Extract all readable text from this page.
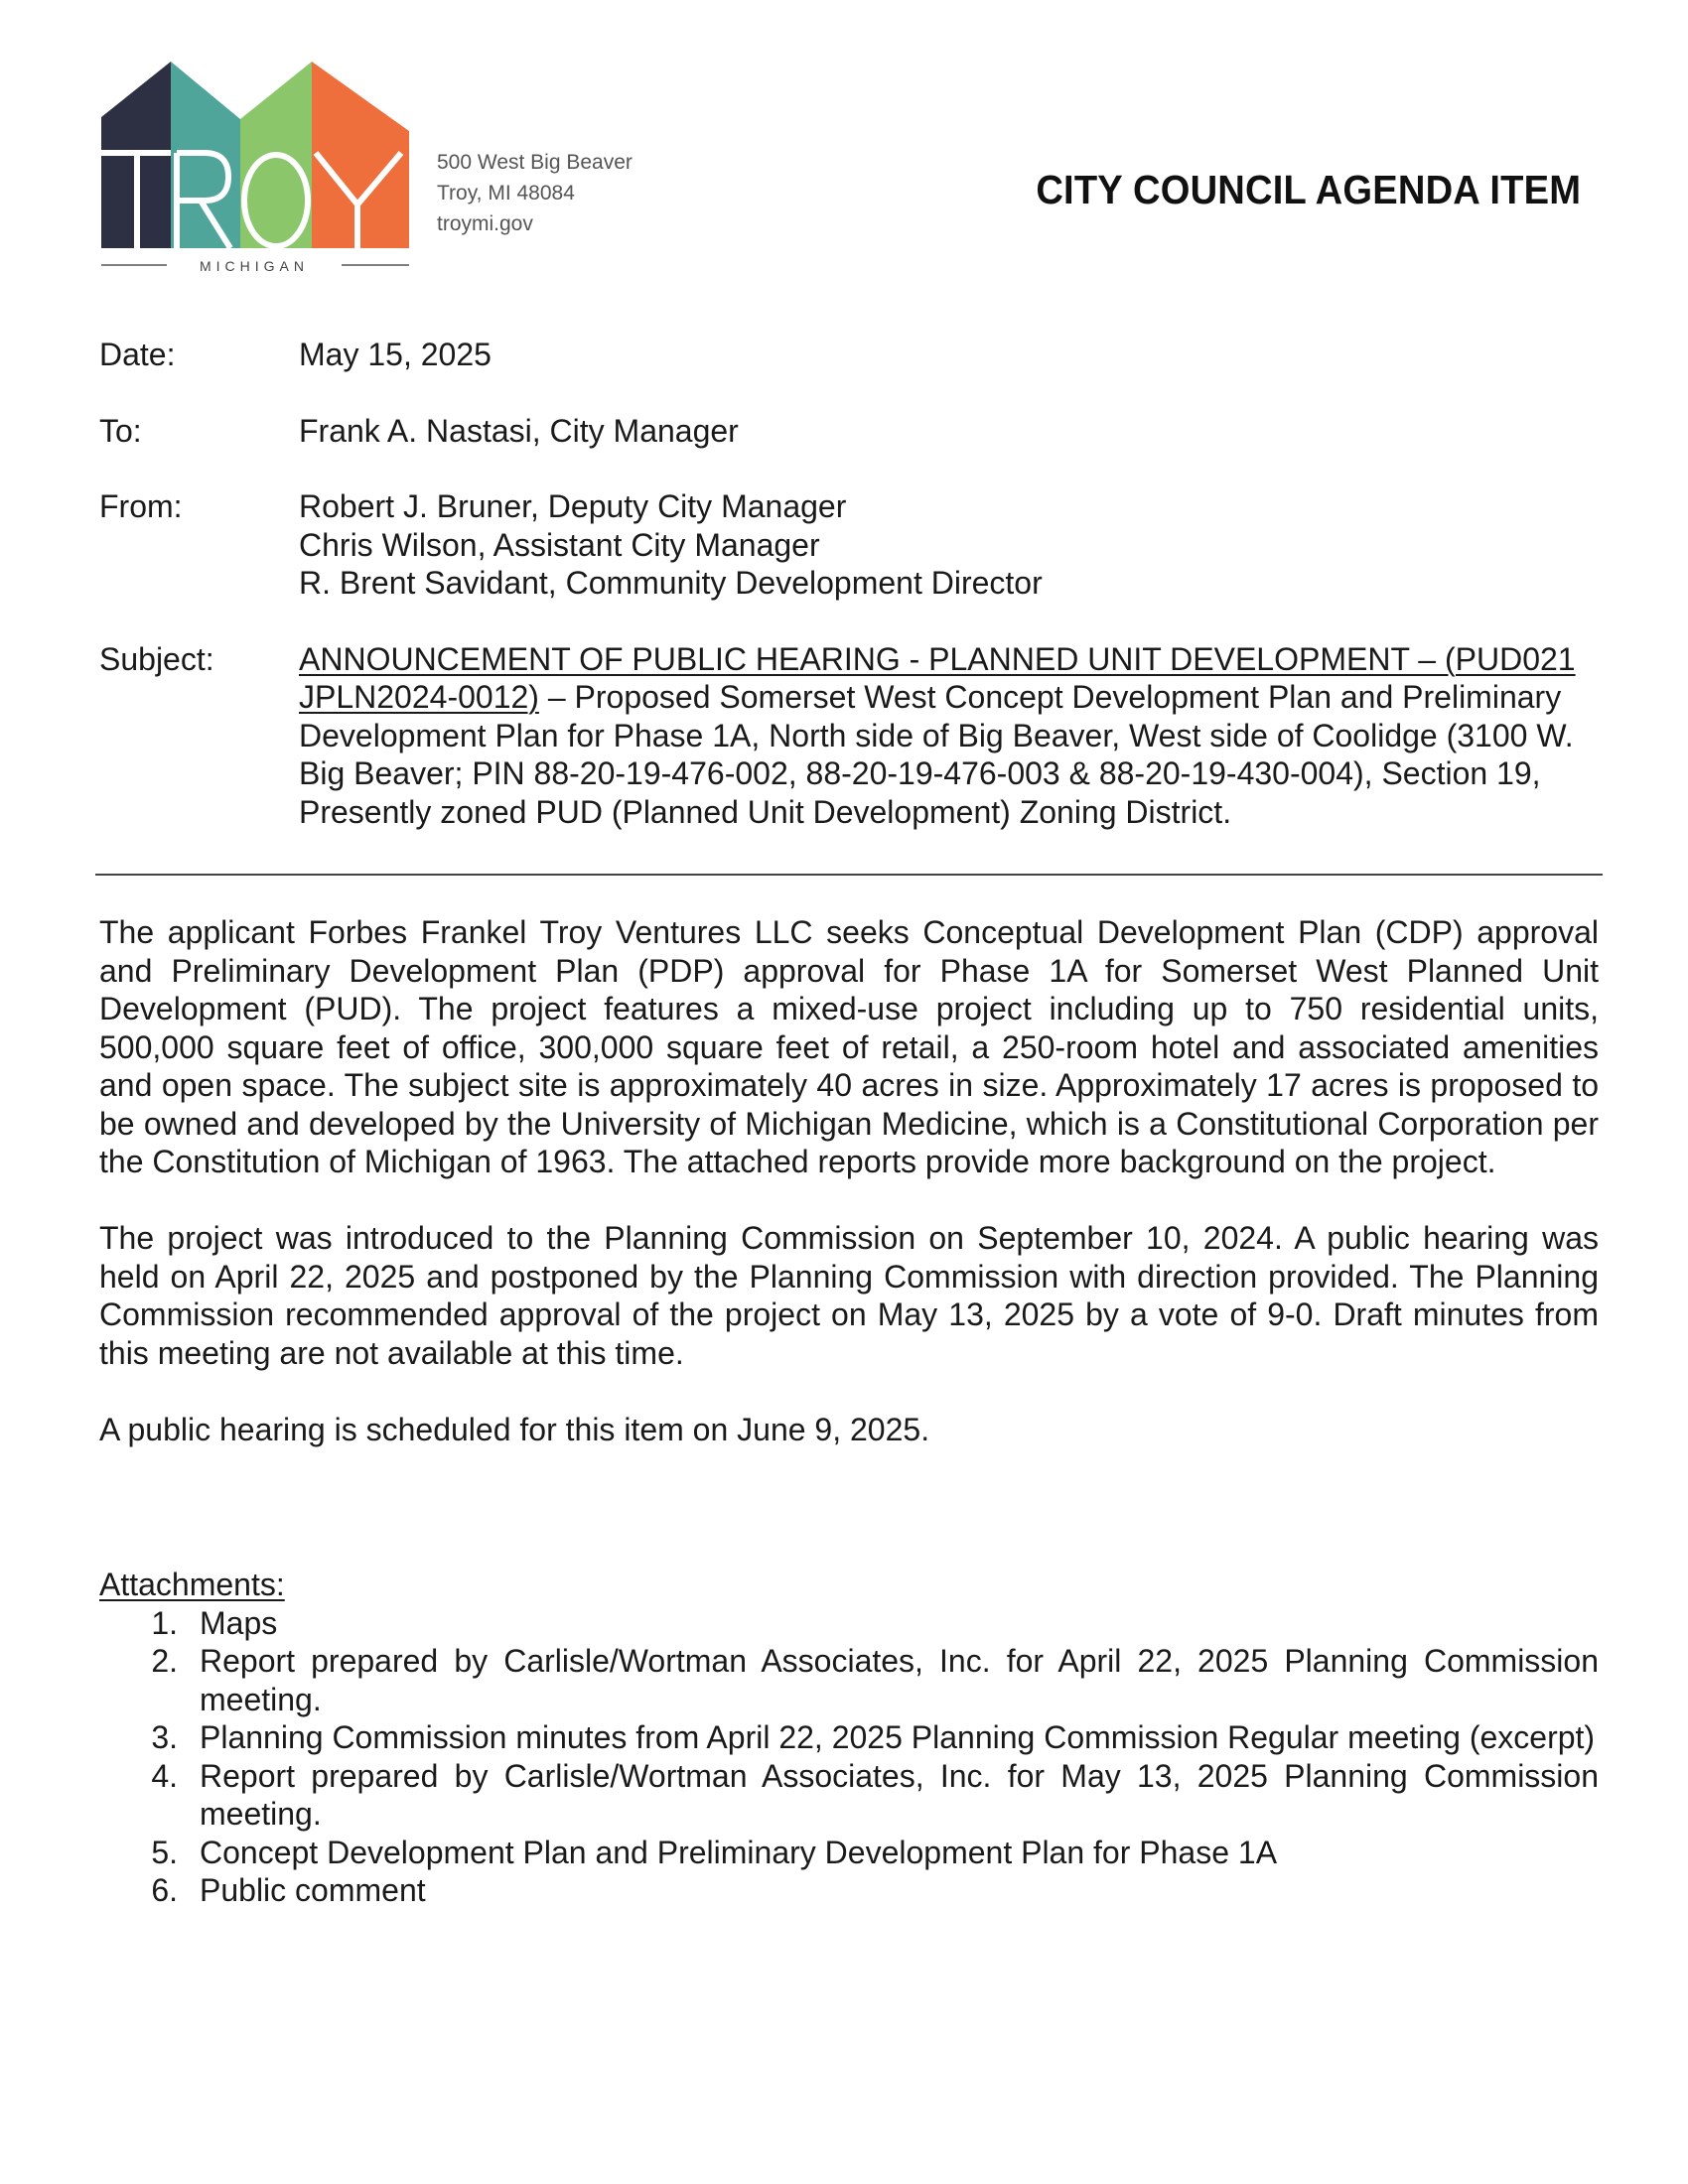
MICHIGAN
500 West Big Beaver
Troy, MI 48084
troymi.gov
CITY COUNCIL AGENDA ITEM
Date:	May 15, 2025
To:	Frank A. Nastasi, City Manager
From:	Robert J. Bruner, Deputy City Manager
Chris Wilson, Assistant City Manager
R. Brent Savidant, Community Development Director
Subject:	ANNOUNCEMENT OF PUBLIC HEARING - PLANNED UNIT DEVELOPMENT – (PUD021 JPLN2024-0012) – Proposed Somerset West Concept Development Plan and Preliminary Development Plan for Phase 1A, North side of Big Beaver, West side of Coolidge (3100 W. Big Beaver; PIN 88-20-19-476-002, 88-20-19-476-003 & 88-20-19-430-004), Section 19, Presently zoned PUD (Planned Unit Development) Zoning District.

The applicant Forbes Frankel Troy Ventures LLC seeks Conceptual Development Plan (CDP) approval and Preliminary Development Plan (PDP) approval for Phase 1A for Somerset West Planned Unit Development (PUD). The project features a mixed-use project including up to 750 residential units, 500,000 square feet of office, 300,000 square feet of retail, a 250-room hotel and associated amenities and open space. The subject site is approximately 40 acres in size. Approximately 17 acres is proposed to be owned and developed by the University of Michigan Medicine, which is a Constitutional Corporation per the Constitution of Michigan of 1963. The attached reports provide more background on the project.

The project was introduced to the Planning Commission on September 10, 2024. A public hearing was held on April 22, 2025 and postponed by the Planning Commission with direction provided. The Planning Commission recommended approval of the project on May 13, 2025 by a vote of 9-0. Draft minutes from this meeting are not available at this time.

A public hearing is scheduled for this item on June 9, 2025.

Attachments:
1. Maps
2. Report prepared by Carlisle/Wortman Associates, Inc. for April 22, 2025 Planning Commission meeting.
3. Planning Commission minutes from April 22, 2025 Planning Commission Regular meeting (excerpt)
4. Report prepared by Carlisle/Wortman Associates, Inc. for May 13, 2025 Planning Commission meeting.
5. Concept Development Plan and Preliminary Development Plan for Phase 1A
6. Public comment
